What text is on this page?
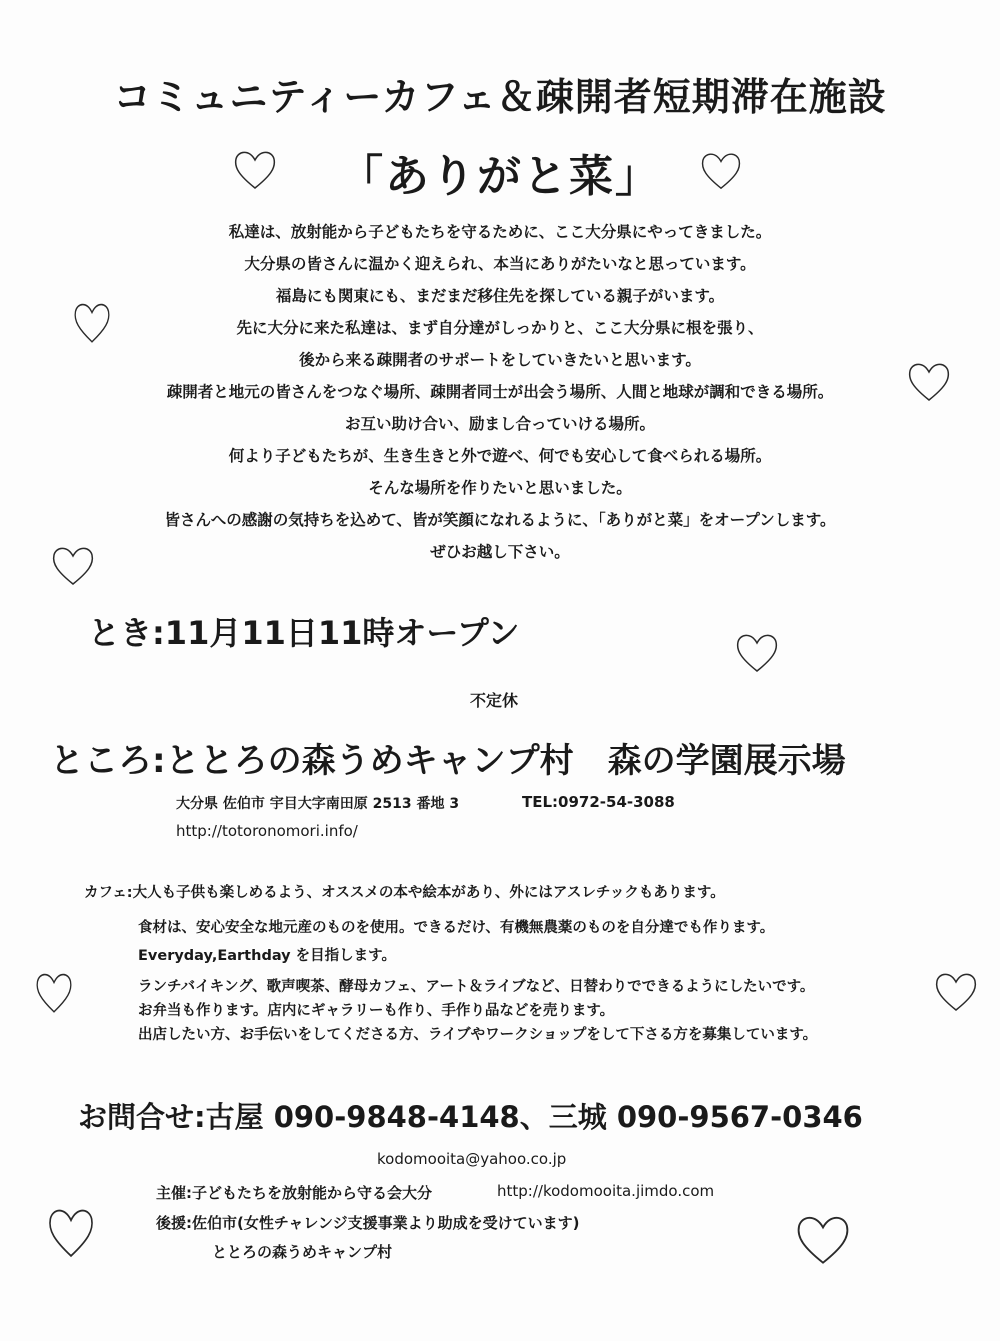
コミュニティーカフェ＆疎開者短期滞在施設
「ありがと菜」
私達は、放射能から子どもたちを守るために、ここ大分県にやってきました。
大分県の皆さんに温かく迎えられ、本当にありがたいなと思っています。
福島にも関東にも、まだまだ移住先を探している親子がいます。
先に大分に来た私達は、まず自分達がしっかりと、ここ大分県に根を張り、
後から来る疎開者のサポートをしていきたいと思います。
疎開者と地元の皆さんをつなぐ場所、疎開者同士が出会う場所、人間と地球が調和できる場所。
お互い助け合い、励まし合っていける場所。
何より子どもたちが、生き生きと外で遊べ、何でも安心して食べられる場所。
そんな場所を作りたいと思いました。
皆さんへの感謝の気持ちを込めて、皆が笑顔になれるように、「ありがと菜」をオープンします。
ぜひお越し下さい。
とき:11月11日11時オープン
不定休
ところ:ととろの森うめキャンプ村　森の学園展示場
大分県 佐伯市 宇目大字南田原 2513 番地 3	TEL:0972-54-3088
http://totoronomori.info/
カフェ:大人も子供も楽しめるよう、オススメの本や絵本があり、外にはアスレチックもあります。
食材は、安心安全な地元産のものを使用。できるだけ、有機無農薬のものを自分達でも作ります。
Everyday,Earthday を目指します。
ランチバイキング、歌声喫茶、酵母カフェ、アート＆ライブなど、日替わりでできるようにしたいです。
お弁当も作ります。店内にギャラリーも作り、手作り品などを売ります。
出店したい方、お手伝いをしてくださる方、ライブやワークショップをして下さる方を募集しています。
お問合せ:古屋 090-9848-4148、三城 090-9567-0346
kodomooita@yahoo.co.jp
主催:子どもたちを放射能から守る会大分	http://kodomooita.jimdo.com
後援:佐伯市(女性チャレンジ支援事業より助成を受けています)
ととろの森うめキャンプ村
